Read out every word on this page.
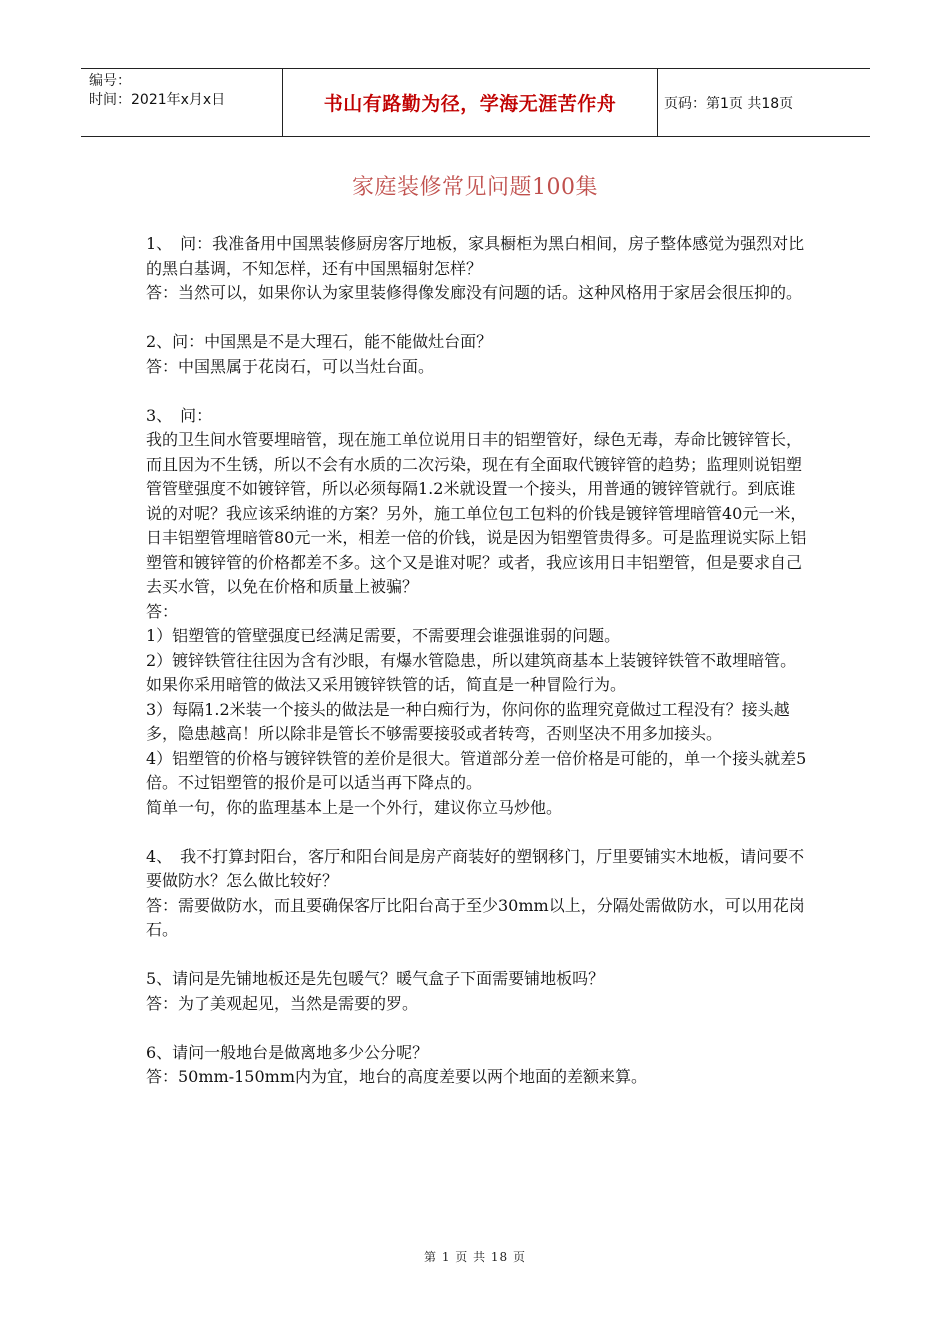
编号：
时间：2021年x月x日	书山有路勤为径，学海无涯苦作舟	页码：第1页 共18页
家庭装修常见问题100集

1、　问：我准备用中国黑装修厨房客厅地板，家具橱柜为黑白相间，房子整体感觉为强烈对比的黑白基调，不知怎样，还有中国黑辐射怎样？

答：当然可以，如果你认为家里装修得像发廊没有问题的话。这种风格用于家居会很压抑的。

2、问：中国黑是不是大理石，能不能做灶台面？

答：中国黑属于花岗石，可以当灶台面。

3、　问：

我的卫生间水管要埋暗管，现在施工单位说用日丰的铝塑管好，绿色无毒，寿命比镀锌管长，而且因为不生锈，所以不会有水质的二次污染，现在有全面取代镀锌管的趋势；监理则说铝塑管管壁强度不如镀锌管，所以必须每隔1.2米就设置一个接头，用普通的镀锌管就行。到底谁说的对呢？我应该采纳谁的方案？另外，施工单位包工包料的价钱是镀锌管埋暗管40元一米，日丰铝塑管埋暗管80元一米，相差一倍的价钱，说是因为铝塑管贵得多。可是监理说实际上铝塑管和镀锌管的价格都差不多。这个又是谁对呢？或者，我应该用日丰铝塑管，但是要求自己去买水管，以免在价格和质量上被骗？

答：

1）铝塑管的管壁强度已经满足需要，不需要理会谁强谁弱的问题。

2）镀锌铁管往往因为含有沙眼，有爆水管隐患，所以建筑商基本上装镀锌铁管不敢埋暗管。如果你采用暗管的做法又采用镀锌铁管的话，简直是一种冒险行为。

3）每隔1.2米装一个接头的做法是一种白痴行为，你问你的监理究竟做过工程没有？接头越多，隐患越高！所以除非是管长不够需要接驳或者转弯，否则坚决不用多加接头。

4）铝塑管的价格与镀锌铁管的差价是很大。管道部分差一倍价格是可能的，单一个接头就差5倍。不过铝塑管的报价是可以适当再下降点的。

简单一句，你的监理基本上是一个外行，建议你立马炒他。

4、　我不打算封阳台，客厅和阳台间是房产商装好的塑钢移门，厅里要铺实木地板，请问要不要做防水？怎么做比较好？

答：需要做防水，而且要确保客厅比阳台高于至少30mm以上，分隔处需做防水，可以用花岗石。

5、请问是先铺地板还是先包暖气？暖气盒子下面需要铺地板吗？

答：为了美观起见，当然是需要的罗。

6、请问一般地台是做离地多少公分呢？

答：50mm-150mm内为宜，地台的高度差要以两个地面的差额来算。

第 1 页 共 18 页
